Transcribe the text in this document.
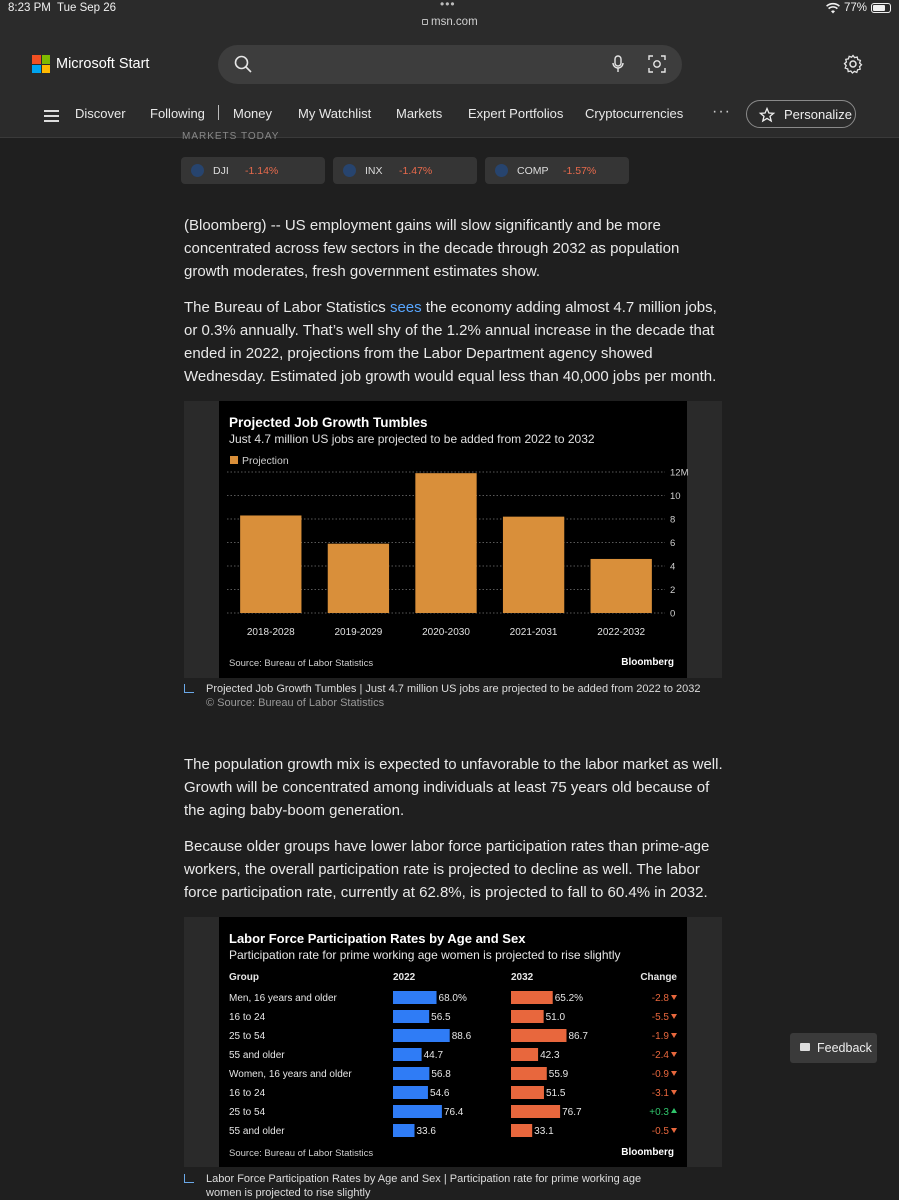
8:23 PM Tue Sep 26	•••
msn.com
77%
Microsoft Start
Discover Following Money My Watchlist Markets Expert Portfolios Cryptocurrencies ···	Personalize
MARKETS TODAY
DJI -1.14%	INX -1.47%	COMP -1.57%

(Bloomberg) -- US employment gains will slow significantly and be more concentrated across few sectors in the decade through 2032 as population growth moderates, fresh government estimates show.

The Bureau of Labor Statistics sees the economy adding almost 4.7 million jobs, or 0.3% annually. That’s well shy of the 1.2% annual increase in the decade that ended in 2022, projections from the Labor Department agency showed Wednesday. Estimated job growth would equal less than 40,000 jobs per month.

Projected Job Growth Tumbles
Just 4.7 million US jobs are projected to be added from 2022 to 2032
Projection
12M
10
8
6
4
2
0
2018-2028	2019-2029	2020-2030	2021-2031	2022-2032
Source: Bureau of Labor Statistics	Bloomberg
Projected Job Growth Tumbles | Just 4.7 million US jobs are projected to be added from 2022 to 2032
© Source: Bureau of Labor Statistics

The population growth mix is expected to unfavorable to the labor market as well. Growth will be concentrated among individuals at least 75 years old because of the aging baby-boom generation.

Because older groups have lower labor force participation rates than prime-age workers, the overall participation rate is projected to decline as well. The labor force participation rate, currently at 62.8%, is projected to fall to 60.4% in 2032.

Labor Force Participation Rates by Age and Sex
Participation rate for prime working age women is projected to rise slightly
Group	2022	2032	Change
Men, 16 years and older	68.0%	65.2%	-2.8
16 to 24	56.5	51.0	-5.5
25 to 54	88.6	86.7	-1.9
55 and older	44.7	42.3	-2.4
Women, 16 years and older	56.8	55.9	-0.9
16 to 24	54.6	51.5	-3.1
25 to 54	76.4	76.7	+0.3
55 and older	33.6	33.1	-0.5
Source: Bureau of Labor Statistics	Bloomberg
Labor Force Participation Rates by Age and Sex | Participation rate for prime working age women is projected to rise slightly
Feedback
